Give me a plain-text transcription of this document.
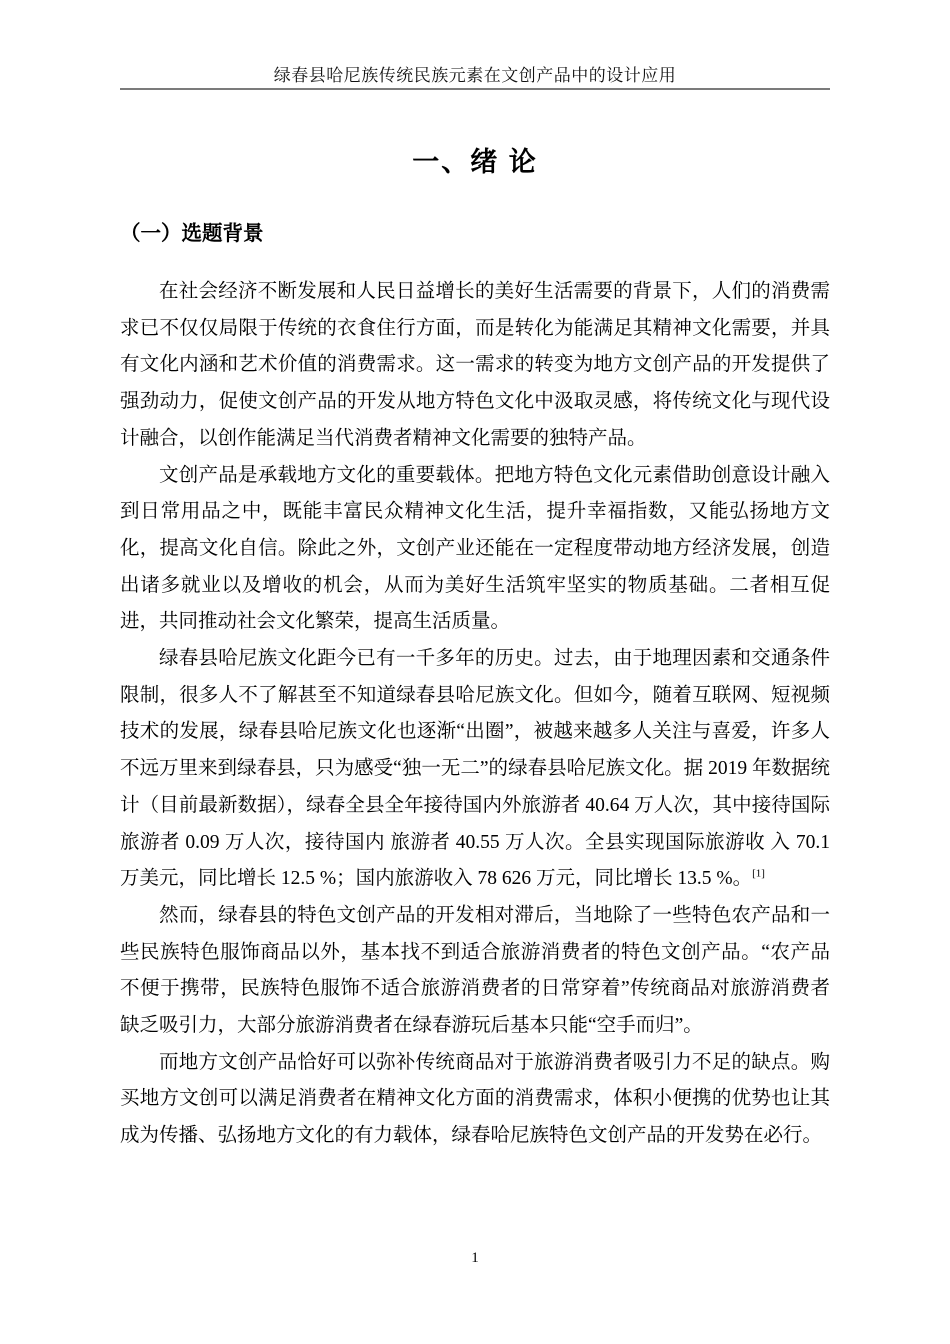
绿春县哈尼族传统民族元素在文创产品中的设计应用
一、绪 论
（一）选题背景

在社会经济不断发展和人民日益增长的美好生活需要的背景下，人们的消费需求已不仅仅局限于传统的衣食住行方面，而是转化为能满足其精神文化需要，并具有文化内涵和艺术价值的消费需求。这一需求的转变为地方文创产品的开发提供了强劲动力，促使文创产品的开发从地方特色文化中汲取灵感，将传统文化与现代设计融合，以创作能满足当代消费者精神文化需要的独特产品。

文创产品是承载地方文化的重要载体。把地方特色文化元素借助创意设计融入到日常用品之中，既能丰富民众精神文化生活，提升幸福指数，又能弘扬地方文化，提高文化自信。除此之外，文创产业还能在一定程度带动地方经济发展，创造出诸多就业以及增收的机会，从而为美好生活筑牢坚实的物质基础。二者相互促进，共同推动社会文化繁荣，提高生活质量。

绿春县哈尼族文化距今已有一千多年的历史。过去，由于地理因素和交通条件限制，很多人不了解甚至不知道绿春县哈尼族文化。但如今，随着互联网、短视频技术的发展，绿春县哈尼族文化也逐渐“出圈”，被越来越多人关注与喜爱，许多人不远万里来到绿春县，只为感受“独一无二”的绿春县哈尼族文化。据 2019 年数据统计（目前最新数据），绿春全县全年接待国内外旅游者 40.64 万人次，其中接待国际旅游者 0.09 万人次，接待国内 旅游者 40.55 万人次。全县实现国际旅游收 入 70.1 万美元，同比增长 12.5 %；国内旅游收入 78 626 万元，同比增长 13.5 %。[1]

然而，绿春县的特色文创产品的开发相对滞后，当地除了一些特色农产品和一些民族特色服饰商品以外，基本找不到适合旅游消费者的特色文创产品。“农产品不便于携带，民族特色服饰不适合旅游消费者的日常穿着”传统商品对旅游消费者缺乏吸引力，大部分旅游消费者在绿春游玩后基本只能“空手而归”。

而地方文创产品恰好可以弥补传统商品对于旅游消费者吸引力不足的缺点。购买地方文创可以满足消费者在精神文化方面的消费需求，体积小便携的优势也让其成为传播、弘扬地方文化的有力载体，绿春哈尼族特色文创产品的开发势在必行。

1
